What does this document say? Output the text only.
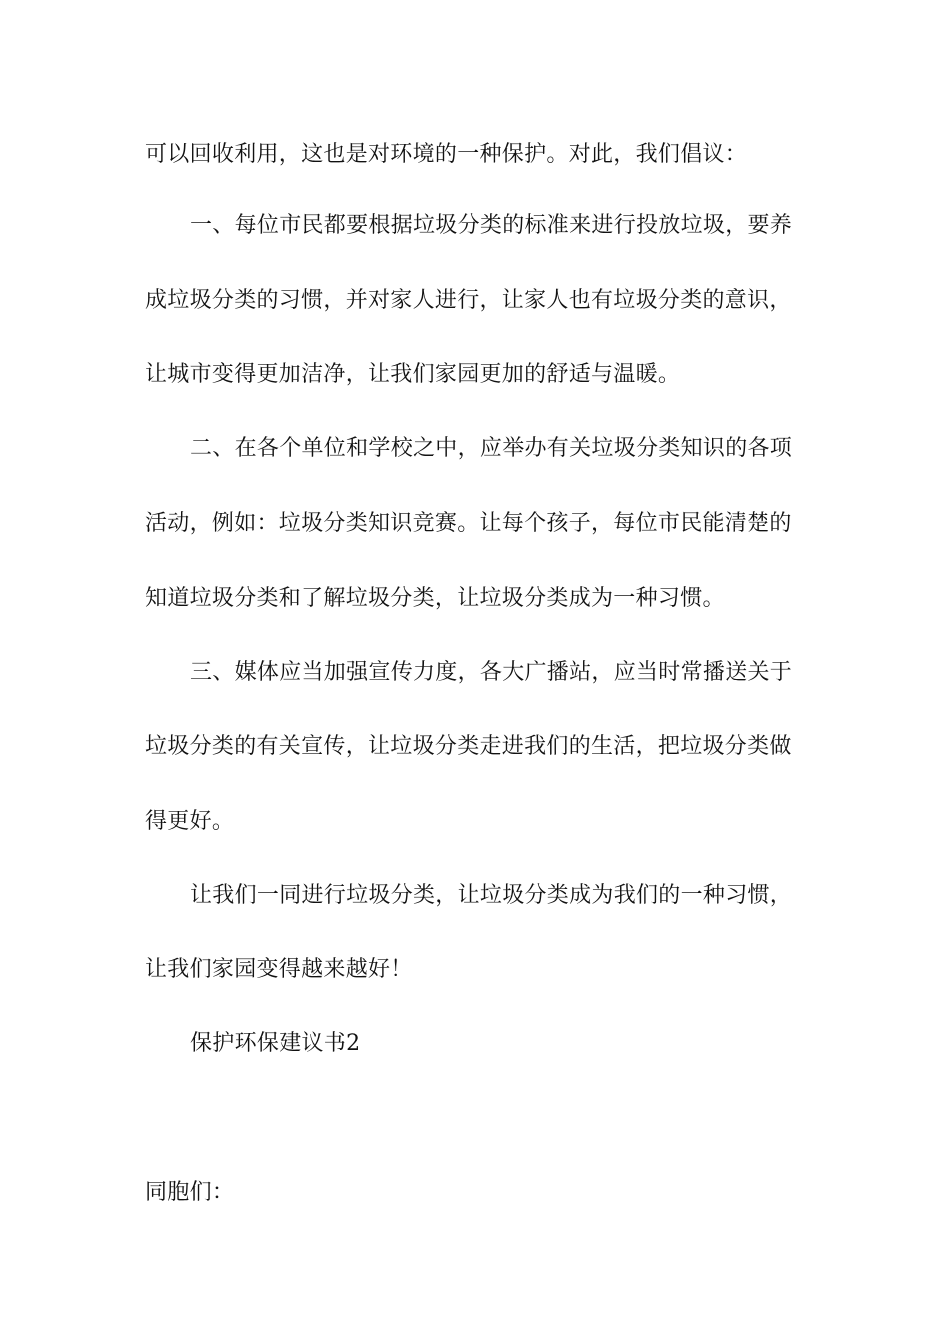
可以回收利用，这也是对环境的一种保护。对此，我们倡议：
一、每位市民都要根据垃圾分类的标准来进行投放垃圾，要养
成垃圾分类的习惯，并对家人进行，让家人也有垃圾分类的意识，
让城市变得更加洁净，让我们家园更加的舒适与温暖。
二、在各个单位和学校之中，应举办有关垃圾分类知识的各项
活动，例如：垃圾分类知识竞赛。让每个孩子，每位市民能清楚的
知道垃圾分类和了解垃圾分类，让垃圾分类成为一种习惯。
三、媒体应当加强宣传力度，各大广播站，应当时常播送关于
垃圾分类的有关宣传，让垃圾分类走进我们的生活，把垃圾分类做
得更好。
让我们一同进行垃圾分类，让垃圾分类成为我们的一种习惯，
让我们家园变得越来越好！
保护环保建议书2
同胞们：
